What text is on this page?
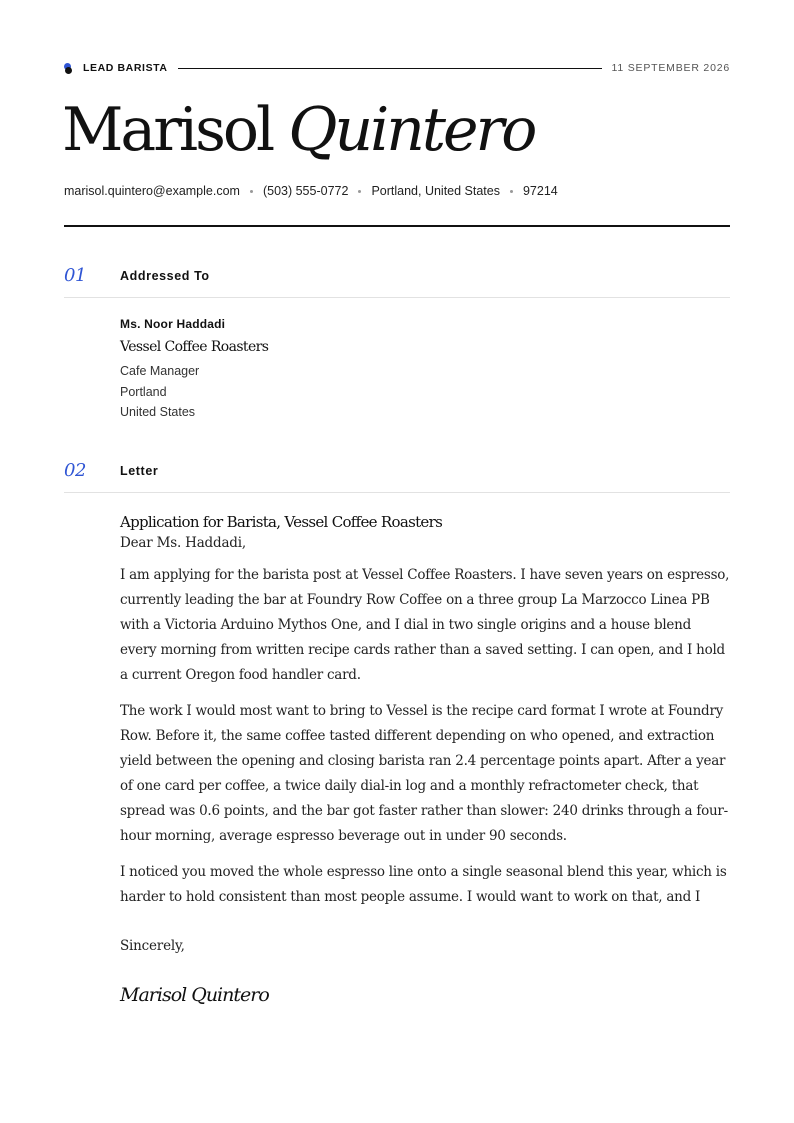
LEAD BARISTA	11 SEPTEMBER 2026
Marisol Quintero
marisol.quintero@example.com (503) 555-0772 Portland, United States 97214
01	Addressed To
Ms. Noor Haddadi
Vessel Coffee Roasters
Cafe Manager
Portland
United States
02	Letter
Application for Barista, Vessel Coffee Roasters
Dear Ms. Haddadi,

I am applying for the barista post at Vessel Coffee Roasters. I have seven years on espresso, currently leading the bar at Foundry Row Coffee on a three group La Marzocco Linea PB with a Victoria Arduino Mythos One, and I dial in two single origins and a house blend every morning from written recipe cards rather than a saved setting. I can open, and I hold a current Oregon food handler card.

The work I would most want to bring to Vessel is the recipe card format I wrote at Foundry Row. Before it, the same coffee tasted different depending on who opened, and extraction yield between the opening and closing barista ran 2.4 percentage points apart. After a year of one card per coffee, a twice daily dial-in log and a monthly refractometer check, that spread was 0.6 points, and the bar got faster rather than slower: 240 drinks through a four-hour morning, average espresso beverage out in under 90 seconds.

I noticed you moved the whole espresso line onto a single seasonal blend this year, which is harder to hold consistent than most people assume. I would want to work on that, and I

Sincerely,
Marisol Quintero
